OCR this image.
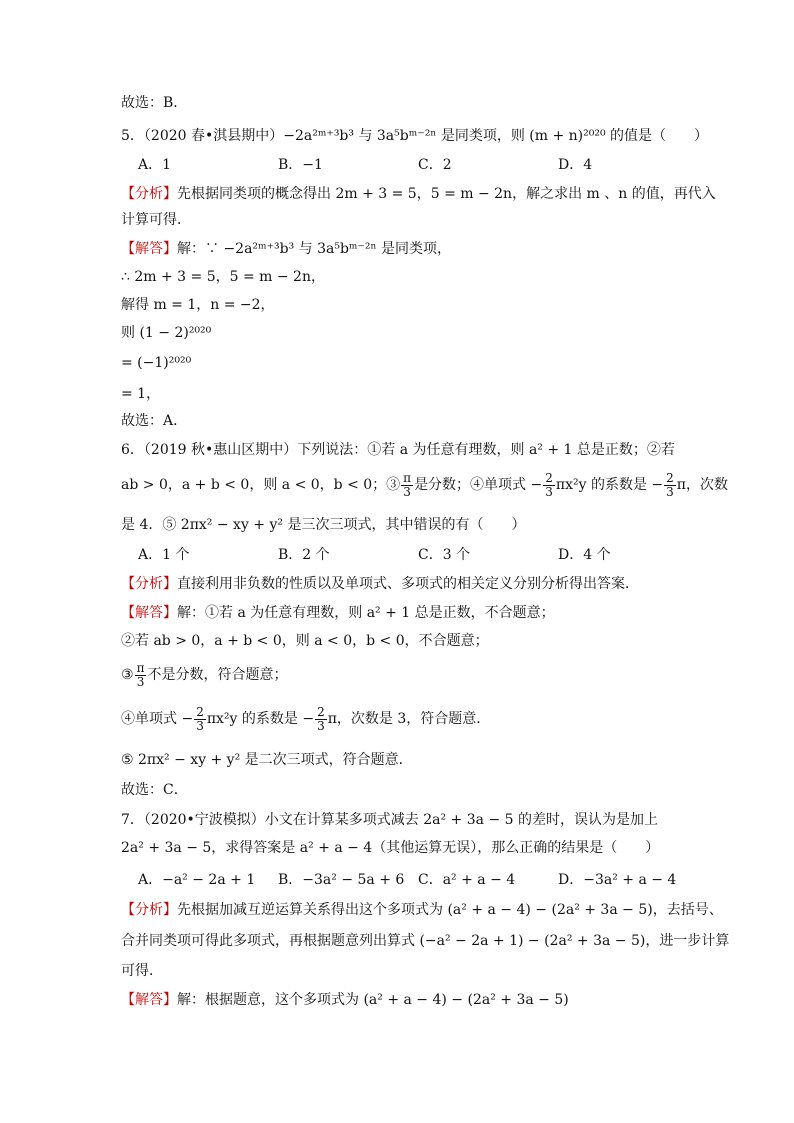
故选：B．
5．（2020 春•淇县期中）−2a²ᵐ⁺³b³ 与 3a⁵bᵐ⁻²ⁿ 是同类项，则 (m + n)²⁰²⁰ 的值是（　　）
A．1	B．−1	C．2	D．4
【分析】先根据同类项的概念得出 2m + 3 = 5，5 = m − 2n，解之求出 m 、n 的值，再代入
计算可得．
【解答】解：∵ −2a²ᵐ⁺³b³ 与 3a⁵bᵐ⁻²ⁿ 是同类项，
∴ 2m + 3 = 5，5 = m − 2n，
解得 m = 1，n = −2，
则 (1 − 2)²⁰²⁰
= (−1)²⁰²⁰
= 1，
故选：A．
6．（2019 秋•惠山区期中）下列说法：①若 a 为任意有理数，则 a² + 1 总是正数；②若
ab > 0，a + b < 0，则 a < 0，b < 0；③ $\frac{\pi}{3}$ 是分数；④单项式 − $\frac{2}{3} \pi x^2y$ 的系数是 − $\frac{2}{3}$ π，次数
是 4．⑤ 2πx² − xy + y² 是三次三项式，其中错误的有（　　）
A．1 个	B．2 个	C．3 个	D．4 个
【分析】直接利用非负数的性质以及单项式、多项式的相关定义分别分析得出答案．
【解答】解：①若 a 为任意有理数，则 a² + 1 总是正数，不合题意；
②若 ab > 0，a + b < 0，则 a < 0，b < 0，不合题意；
③ $\frac{\pi}{3}$ 不是分数，符合题意；
④单项式 − $\frac{2}{3} \pi x^2y$ 的系数是 − $\frac{2}{3}$ π，次数是 3，符合题意．
⑤ 2πx² − xy + y² 是二次三项式，符合题意．
故选：C．
7．（2020•宁波模拟）小文在计算某多项式减去 2a² + 3a − 5 的差时，误认为是加上
2a² + 3a − 5，求得答案是 a² + a − 4（其他运算无误），那么正确的结果是（　　）
A．−a² − 2a + 1 B．−3a² − 5a + 6 C．a² + a − 4	D．−3a² + a − 4
【分析】先根据加减互逆运算关系得出这个多项式为 (a² + a − 4) − (2a² + 3a − 5)，去括号、
合并同类项可得此多项式，再根据题意列出算式 (−a² − 2a + 1) − (2a² + 3a − 5)，进一步计算
可得．
【解答】解：根据题意，这个多项式为 (a² + a − 4) − (2a² + 3a − 5)
